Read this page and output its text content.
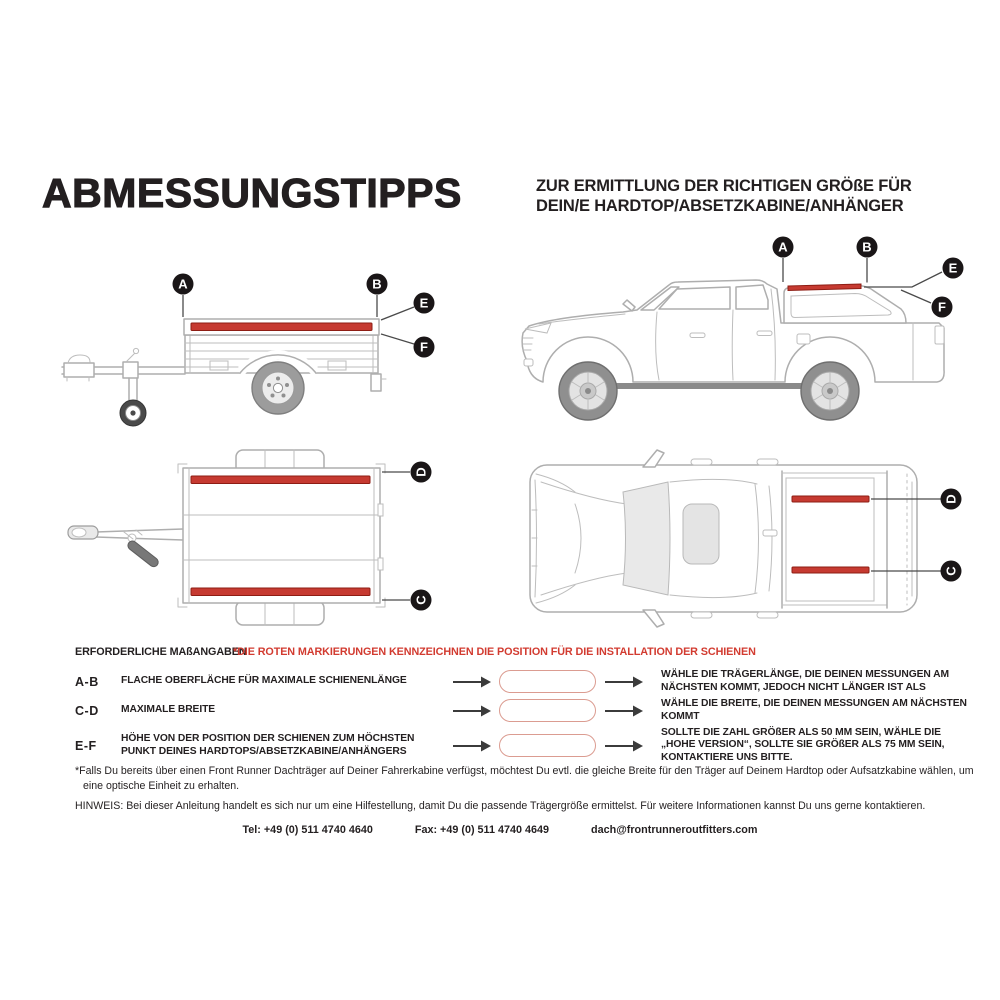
ABMESSUNGSTIPPS	ZUR ERMITTLUNG DER RICHTIGEN GRÖßE FÜR
DEIN/E HARDTOP/ABSETZKABINE/ANHÄNGER
A	B
E
F
A	B
E
F
D
C
D
C
ERFORDERLICHE MAßANGABEN
*DIE ROTEN MARKIERUNGEN KENNZEICHNEN DIE POSITION FÜR DIE INSTALLATION DER SCHIENEN
A-B	FLACHE OBERFLÄCHE FÜR MAXIMALE SCHIENENLÄNGE
WÄHLE DIE TRÄGERLÄNGE, DIE DEINEN MESSUNGEN AM NÄCHSTEN KOMMT, JEDOCH NICHT LÄNGER IST ALS
C-D	MAXIMALE BREITE
WÄHLE DIE BREITE, DIE DEINEN MESSUNGEN AM NÄCHSTEN KOMMT
E-F	HÖHE VON DER POSITION DER SCHIENEN ZUM HÖCHSTEN PUNKT DEINES HARDTOPS/ABSETZKABINE/ANHÄNGERS
SOLLTE DIE ZAHL GRÖßER ALS 50 MM SEIN, WÄHLE DIE „HOHE VERSION“, SOLLTE SIE GRÖßER ALS 75 MM SEIN, KONTAKTIERE UNS BITTE.
*Falls Du bereits über einen Front Runner Dachträger auf Deiner Fahrerkabine verfügst, möchtest Du evtl. die gleiche Breite für den Träger auf Deinem Hardtop oder Aufsatzkabine wählen, um eine optische Einheit zu erhalten.
HINWEIS: Bei dieser Anleitung handelt es sich nur um eine Hilfestellung, damit Du die passende Trägergröße ermittelst. Für weitere Informationen kannst Du uns gerne kontaktieren.
Tel: +49 (0) 511 4740 4640	Fax: +49 (0) 511 4740 4649	dach@frontrunneroutfitters.com
